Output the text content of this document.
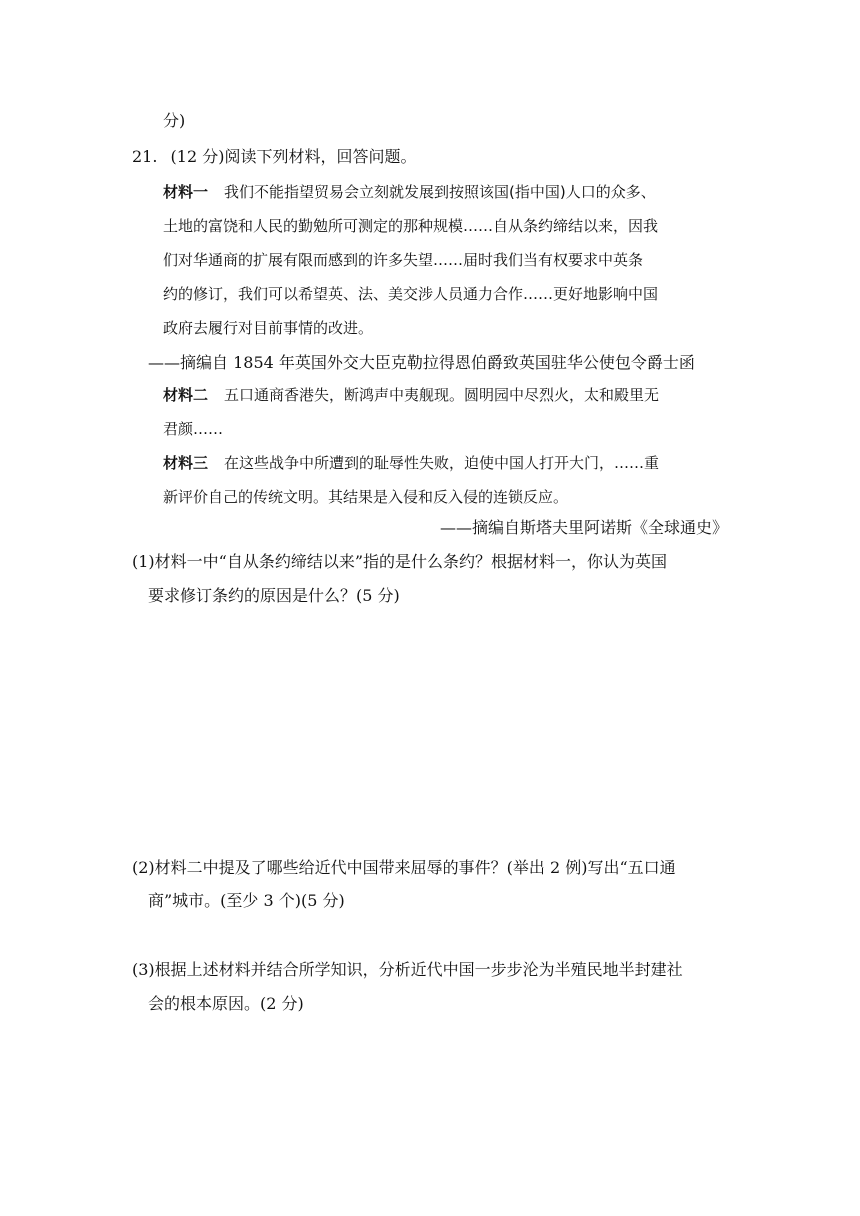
分)
21. (12 分)阅读下列材料，回答问题。
材料一 我们不能指望贸易会立刻就发展到按照该国(指中国)人口的众多、
土地的富饶和人民的勤勉所可测定的那种规模……自从条约缔结以来，因我
们对华通商的扩展有限而感到的许多失望……届时我们当有权要求中英条
约的修订，我们可以希望英、法、美交涉人员通力合作……更好地影响中国
政府去履行对目前事情的改进。
——摘编自 1854 年英国外交大臣克勒拉得恩伯爵致英国驻华公使包令爵士函
材料二 五口通商香港失，断鸿声中夷舰现。圆明园中尽烈火，太和殿里无
君颜……
材料三 在这些战争中所遭到的耻辱性失败，迫使中国人打开大门，……重
新评价自己的传统文明。其结果是入侵和反入侵的连锁反应。
——摘编自斯塔夫里阿诺斯《全球通史》
(1)材料一中“自从条约缔结以来”指的是什么条约？根据材料一，你认为英国
要求修订条约的原因是什么？(5 分)
(2)材料二中提及了哪些给近代中国带来屈辱的事件？(举出 2 例)写出“五口通
商”城市。(至少 3 个)(5 分)
(3)根据上述材料并结合所学知识，分析近代中国一步步沦为半殖民地半封建社
会的根本原因。(2 分)
